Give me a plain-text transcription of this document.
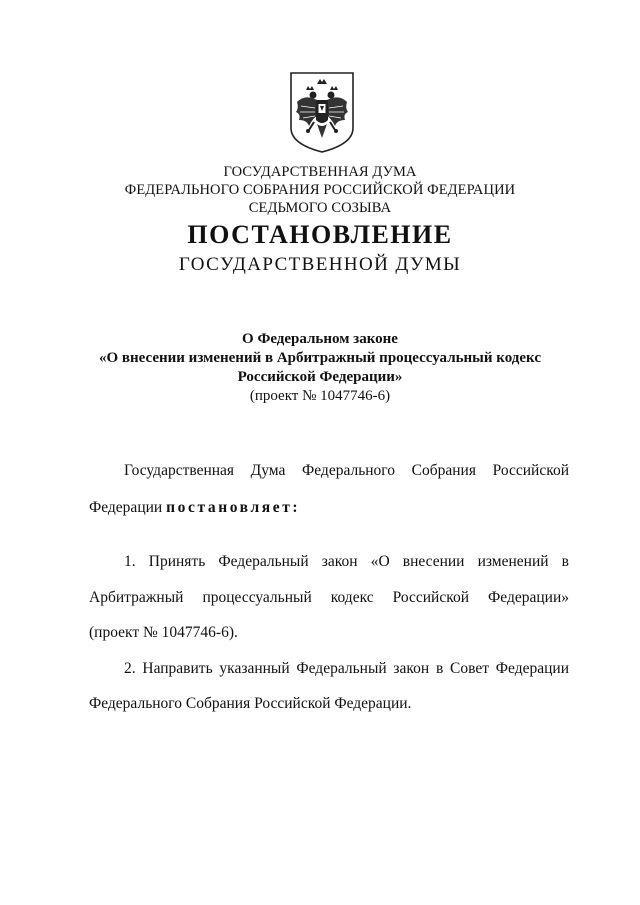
ГОСУДАРСТВЕННАЯ ДУМА
ФЕДЕРАЛЬНОГО СОБРАНИЯ РОССИЙСКОЙ ФЕДЕРАЦИИ
СЕДЬМОГО СОЗЫВА
ПОСТАНОВЛЕНИЕ
ГОСУДАРСТВЕННОЙ ДУМЫ
О Федеральном законе
«О внесении изменений в Арбитражный процессуальный кодекс
Российской Федерации»
(проект № 1047746-6)
Государственная Дума Федерального Собрания Российской
Федерации постановляет:
1. Принять Федеральный закон «О внесении изменений в
Арбитражный процессуальный кодекс Российской Федерации»
(проект № 1047746-6).
2. Направить указанный Федеральный закон в Совет Федерации
Федерального Собрания Российской Федерации.
